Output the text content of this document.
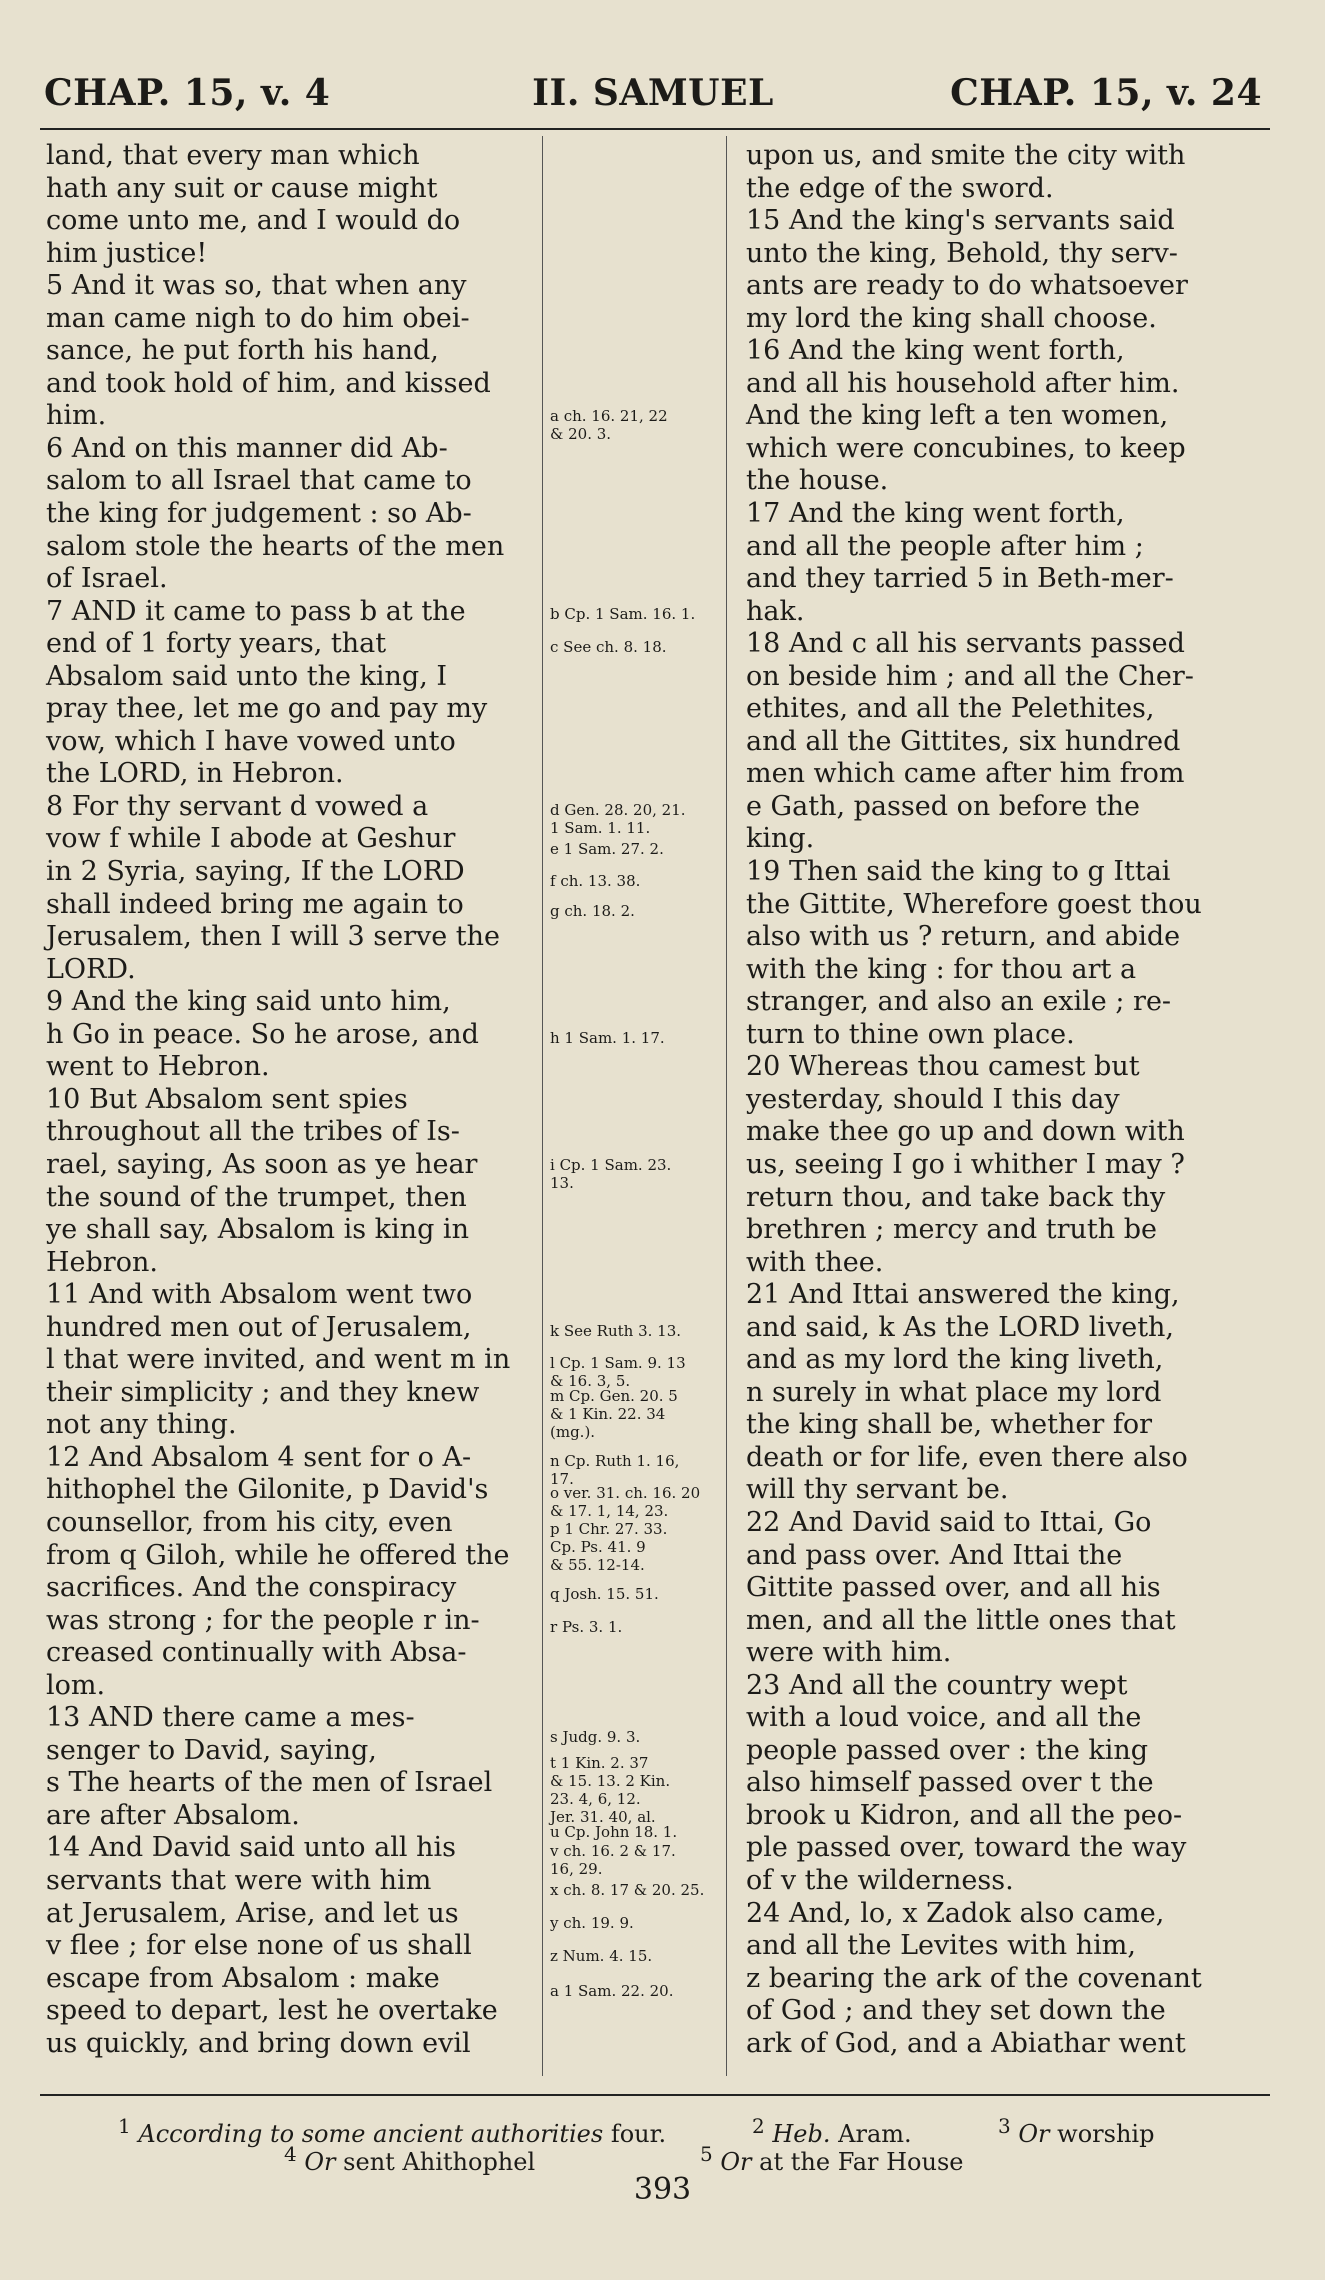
CHAP. 15, v. 4	II. SAMUEL	CHAP. 15, v. 24
land, that every man which
hath any suit or cause might
come unto me, and I would do
him justice!
5 And it was so, that when any
man came nigh to do him obei-
sance, he put forth his hand,
and took hold of him, and kissed
him.
6 And on this manner did Ab-
salom to all Israel that came to
the king for judgement : so Ab-
salom stole the hearts of the men
of Israel.
7 AND it came to pass b at the
end of 1 forty years, that
Absalom said unto the king, I
pray thee, let me go and pay my
vow, which I have vowed unto
the LORD, in Hebron.
8 For thy servant d vowed a
vow f while I abode at Geshur
in 2 Syria, saying, If the LORD
shall indeed bring me again to
Jerusalem, then I will 3 serve the
LORD.
9 And the king said unto him,
h Go in peace. So he arose, and
went to Hebron.
10 But Absalom sent spies
throughout all the tribes of Is-
rael, saying, As soon as ye hear
the sound of the trumpet, then
ye shall say, Absalom is king in
Hebron.
11 And with Absalom went two
hundred men out of Jerusalem,
l that were invited, and went m in
their simplicity ; and they knew
not any thing.
12 And Absalom 4 sent for o A-
hithophel the Gilonite, p David's
counsellor, from his city, even
from q Giloh, while he offered the
sacrifices. And the conspiracy
was strong ; for the people r in-
creased continually with Absa-
lom.
13 AND there came a mes-
senger to David, saying,
s The hearts of the men of Israel
are after Absalom.
14 And David said unto all his
servants that were with him
at Jerusalem, Arise, and let us
v flee ; for else none of us shall
escape from Absalom : make
speed to depart, lest he overtake
us quickly, and bring down evil
a ch. 16. 21, 22
& 20. 3.
b Cp. 1 Sam. 16. 1.
c See ch. 8. 18.
d Gen. 28. 20, 21.
1 Sam. 1. 11.
e 1 Sam. 27. 2.
f ch. 13. 38.
g ch. 18. 2.
h 1 Sam. 1. 17.
i Cp. 1 Sam. 23.
13.
k See Ruth 3. 13.
l Cp. 1 Sam. 9. 13
& 16. 3, 5.
m Cp. Gen. 20. 5
& 1 Kin. 22. 34
(mg.).
n Cp. Ruth 1. 16,
17.
o ver. 31. ch. 16. 20
& 17. 1, 14, 23.
p 1 Chr. 27. 33.
Cp. Ps. 41. 9
& 55. 12-14.
q Josh. 15. 51.
r Ps. 3. 1.
s Judg. 9. 3.
t 1 Kin. 2. 37
& 15. 13. 2 Kin.
23. 4, 6, 12.
Jer. 31. 40, al.
u Cp. John 18. 1.
v ch. 16. 2 & 17.
16, 29.
x ch. 8. 17 & 20. 25.
y ch. 19. 9.
z Num. 4. 15.
a 1 Sam. 22. 20.
upon us, and smite the city with
the edge of the sword.
15 And the king's servants said
unto the king, Behold, thy serv-
ants are ready to do whatsoever
my lord the king shall choose.
16 And the king went forth,
and all his household after him.
And the king left a ten women,
which were concubines, to keep
the house.
17 And the king went forth,
and all the people after him ;
and they tarried 5 in Beth-mer-
hak.
18 And c all his servants passed
on beside him ; and all the Cher-
ethites, and all the Pelethites,
and all the Gittites, six hundred
men which came after him from
e Gath, passed on before the
king.
19 Then said the king to g Ittai
the Gittite, Wherefore goest thou
also with us ? return, and abide
with the king : for thou art a
stranger, and also an exile ; re-
turn to thine own place.
20 Whereas thou camest but
yesterday, should I this day
make thee go up and down with
us, seeing I go i whither I may ?
return thou, and take back thy
brethren ; mercy and truth be
with thee.
21 And Ittai answered the king,
and said, k As the LORD liveth,
and as my lord the king liveth,
n surely in what place my lord
the king shall be, whether for
death or for life, even there also
will thy servant be.
22 And David said to Ittai, Go
and pass over. And Ittai the
Gittite passed over, and all his
men, and all the little ones that
were with him.
23 And all the country wept
with a loud voice, and all the
people passed over : the king
also himself passed over t the
brook u Kidron, and all the peo-
ple passed over, toward the way
of v the wilderness.
24 And, lo, x Zadok also came,
and all the Levites with him,
z bearing the ark of the covenant
of God ; and they set down the
ark of God, and a Abiathar went
$^1$ According to some ancient authorities four.	$^2$ Heb. Aram.	$^3$ Or worship
$^4$ Or sent Ahithophel	$^5$ Or at the Far House
393
